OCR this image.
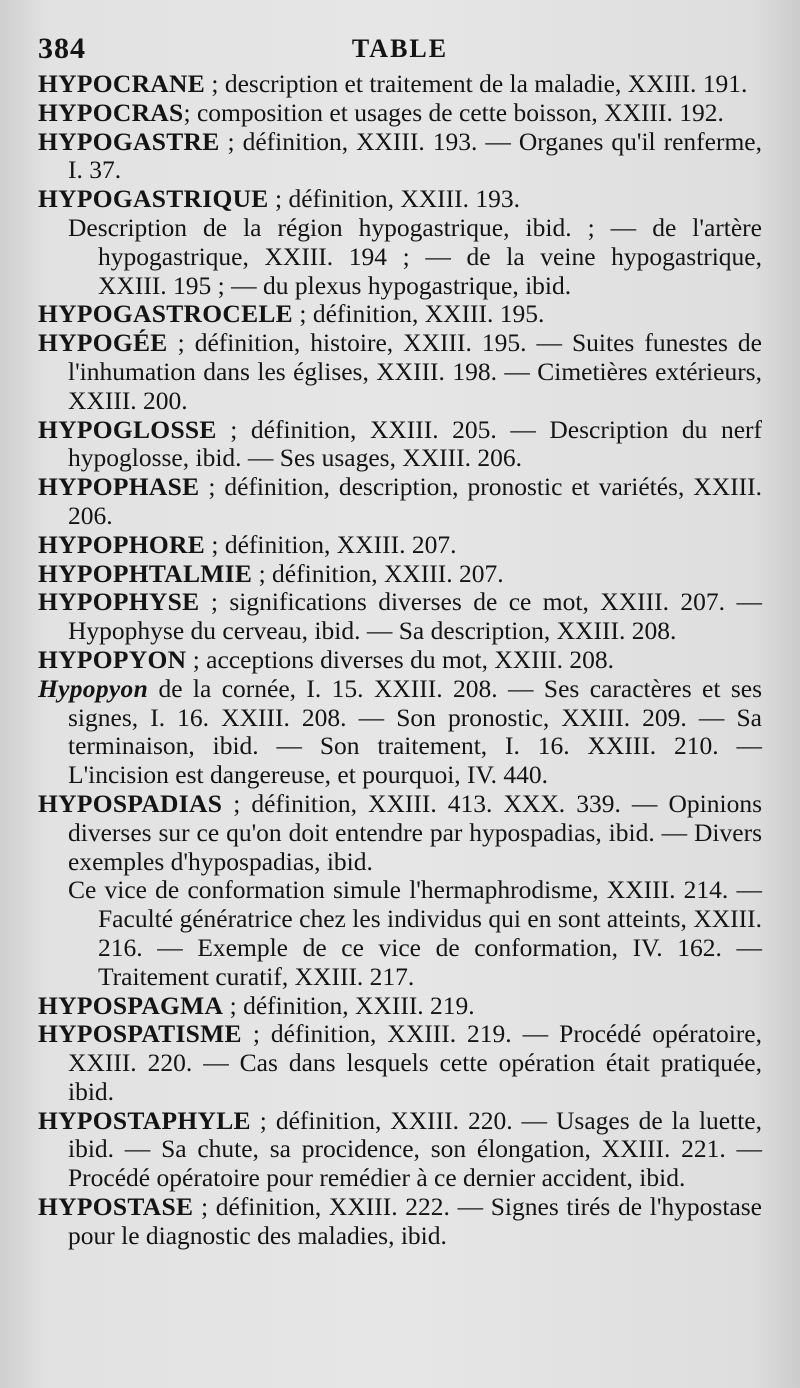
384	TABLE

HYPOCRANE ; description et traitement de la maladie, XXIII. 191.

HYPOCRAS; composition et usages de cette boisson, XXIII. 192.

HYPOGASTRE ; définition, XXIII. 193. — Organes qu'il renferme, I. 37.

HYPOGASTRIQUE ; définition, XXIII. 193.

Description de la région hypogastrique, ibid. ; — de l'artère hypogastrique, XXIII. 194 ; — de la veine hypogastrique, XXIII. 195 ; — du plexus hypogastrique, ibid.

HYPOGASTROCELE ; définition, XXIII. 195.

HYPOGÉE ; définition, histoire, XXIII. 195. — Suites funestes de l'inhumation dans les églises, XXIII. 198. — Cimetières extérieurs, XXIII. 200.

HYPOGLOSSE ; définition, XXIII. 205. — Description du nerf hypoglosse, ibid. — Ses usages, XXIII. 206.

HYPOPHASE ; définition, description, pronostic et variétés, XXIII. 206.

HYPOPHORE ; définition, XXIII. 207.

HYPOPHTALMIE ; définition, XXIII. 207.

HYPOPHYSE ; significations diverses de ce mot, XXIII. 207. — Hypophyse du cerveau, ibid. — Sa description, XXIII. 208.

HYPOPYON ; acceptions diverses du mot, XXIII. 208.

Hypopyon de la cornée, I. 15. XXIII. 208. — Ses caractères et ses signes, I. 16. XXIII. 208. — Son pronostic, XXIII. 209. — Sa terminaison, ibid. — Son traitement, I. 16. XXIII. 210. — L'incision est dangereuse, et pourquoi, IV. 440.

HYPOSPADIAS ; définition, XXIII. 413. XXX. 339. — Opinions diverses sur ce qu'on doit entendre par hypospadias, ibid. — Divers exemples d'hypospadias, ibid.

Ce vice de conformation simule l'hermaphrodisme, XXIII. 214. — Faculté génératrice chez les individus qui en sont atteints, XXIII. 216. — Exemple de ce vice de conformation, IV. 162. — Traitement curatif, XXIII. 217.

HYPOSPAGMA ; définition, XXIII. 219.

HYPOSPATISME ; définition, XXIII. 219. — Procédé opératoire, XXIII. 220. — Cas dans lesquels cette opération était pratiquée, ibid.

HYPOSTAPHYLE ; définition, XXIII. 220. — Usages de la luette, ibid. — Sa chute, sa procidence, son élongation, XXIII. 221. — Procédé opératoire pour remédier à ce dernier accident, ibid.

HYPOSTASE ; définition, XXIII. 222. — Signes tirés de l'hypostase pour le diagnostic des maladies, ibid.
